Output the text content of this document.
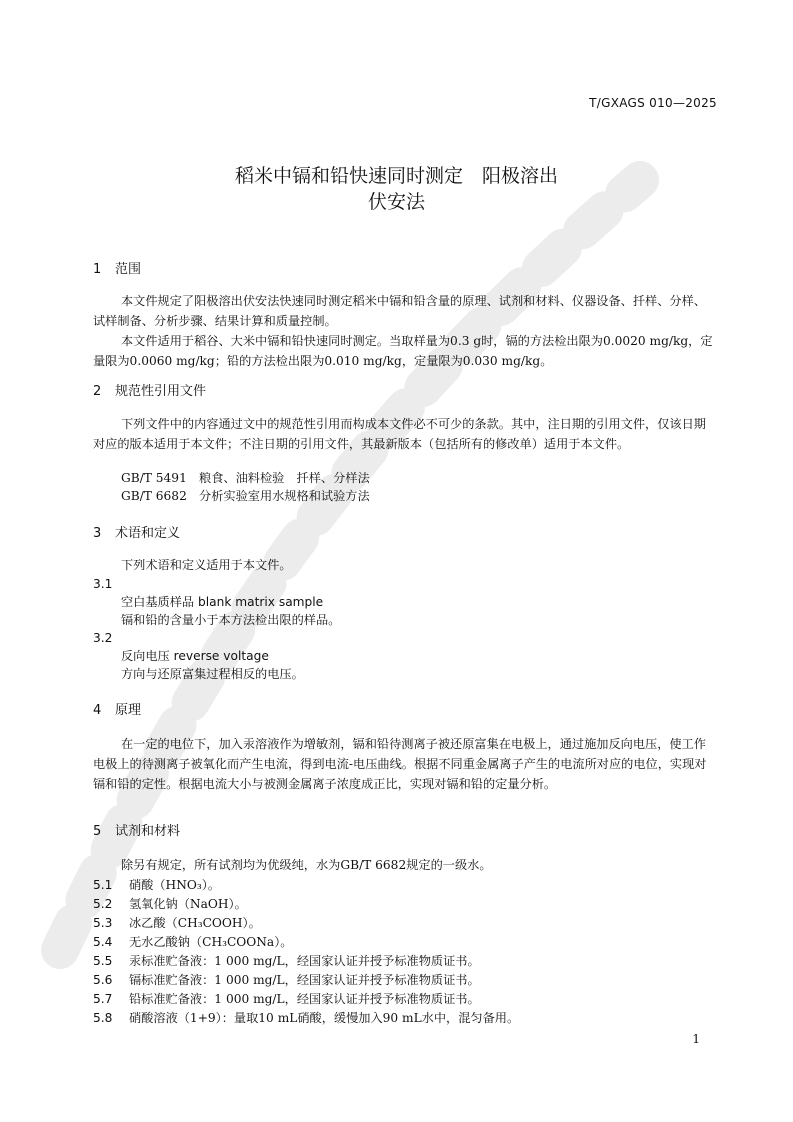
T/GXAGS 010—2025
稻米中镉和铅快速同时测定　阳极溶出
伏安法
1 范围
本文件规定了阳极溶出伏安法快速同时测定稻米中镉和铅含量的原理、试剂和材料、仪器设备、扦样、分样、试样制备、分析步骤、结果计算和质量控制。
本文件适用于稻谷、大米中镉和铅快速同时测定。当取样量为0.3 g时，镉的方法检出限为0.0020 mg/kg，定量限为0.0060 mg/kg；铅的方法检出限为0.010 mg/kg，定量限为0.030 mg/kg。
2 规范性引用文件
下列文件中的内容通过文中的规范性引用而构成本文件必不可少的条款。其中，注日期的引用文件，仅该日期对应的版本适用于本文件；不注日期的引用文件，其最新版本（包括所有的修改单）适用于本文件。
GB/T 5491　粮食、油料检验　扦样、分样法
GB/T 6682　分析实验室用水规格和试验方法
3 术语和定义
下列术语和定义适用于本文件。
3.1
空白基质样品 blank matrix sample
镉和铅的含量小于本方法检出限的样品。
3.2
反向电压 reverse voltage
方向与还原富集过程相反的电压。
4 原理
在一定的电位下，加入汞溶液作为增敏剂，镉和铅待测离子被还原富集在电极上，通过施加反向电压，使工作电极上的待测离子被氧化而产生电流，得到电流-电压曲线。根据不同重金属离子产生的电流所对应的电位，实现对镉和铅的定性。根据电流大小与被测金属离子浓度成正比，实现对镉和铅的定量分析。
5 试剂和材料
除另有规定，所有试剂均为优级纯，水为GB/T 6682规定的一级水。
5.1 硝酸（HNO₃）。
5.2 氢氧化钠（NaOH）。
5.3 冰乙酸（CH₃COOH）。
5.4 无水乙酸钠（CH₃COONa）。
5.5 汞标准贮备液：1 000 mg/L，经国家认证并授予标准物质证书。
5.6 镉标准贮备液：1 000 mg/L，经国家认证并授予标准物质证书。
5.7 铅标准贮备液：1 000 mg/L，经国家认证并授予标准物质证书。
5.8 硝酸溶液（1+9）：量取10 mL硝酸，缓慢加入90 mL水中，混匀备用。
1
